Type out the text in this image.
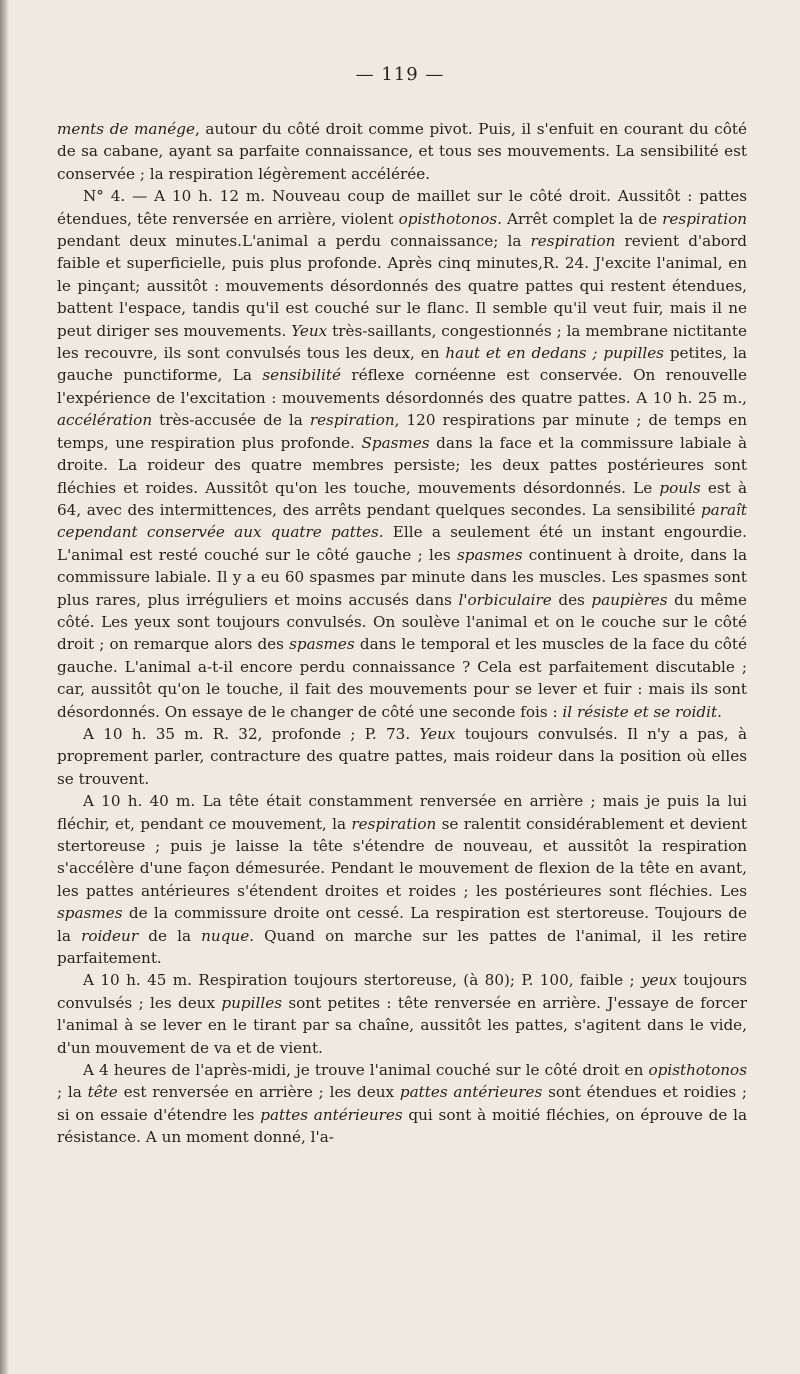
— 119 —

ments de manége, autour du côté droit comme pivot. Puis, il s'enfuit en courant du côté de sa cabane, ayant sa parfaite connaissance, et tous ses mouvements. La sensibilité est conservée ; la respiration légèrement accélérée.

N° 4. — A 10 h. 12 m. Nouveau coup de maillet sur le côté droit. Aussitôt : pattes étendues, tête renversée en arrière, violent opisthotonos. Arrêt complet la de respiration pendant deux minutes.L'animal a perdu connaissance; la respiration revient d'abord faible et superficielle, puis plus profonde. Après cinq minutes,R. 24. J'excite l'animal, en le pinçant; aussitôt : mouvements désordonnés des quatre pattes qui restent étendues, battent l'espace, tandis qu'il est couché sur le flanc. Il semble qu'il veut fuir, mais il ne peut diriger ses mouvements. Yeux très-saillants, congestionnés ; la membrane nictitante les recouvre, ils sont convulsés tous les deux, en haut et en dedans ; pupilles petites, la gauche punctiforme, La sensibilité réflexe cornéenne est conservée. On renouvelle l'expérience de l'excitation : mouvements désordonnés des quatre pattes. A 10 h. 25 m., accélération très-accusée de la respiration, 120 respirations par minute ; de temps en temps, une respiration plus profonde. Spasmes dans la face et la commissure labiale à droite. La roideur des quatre membres persiste; les deux pattes postérieures sont fléchies et roides. Aussitôt qu'on les touche, mouvements désordonnés. Le pouls est à 64, avec des intermittences, des arrêts pendant quelques secondes. La sensibilité paraît cependant conservée aux quatre pattes. Elle a seulement été un instant engourdie. L'animal est resté couché sur le côté gauche ; les spasmes continuent à droite, dans la commissure labiale. Il y a eu 60 spasmes par minute dans les muscles. Les spasmes sont plus rares, plus irréguliers et moins accusés dans l'orbiculaire des paupières du même côté. Les yeux sont toujours convulsés. On soulève l'animal et on le couche sur le côté droit ; on remarque alors des spasmes dans le temporal et les muscles de la face du côté gauche. L'animal a-t-il encore perdu connaissance ? Cela est parfaitement discutable ; car, aussitôt qu'on le touche, il fait des mouvements pour se lever et fuir : mais ils sont désordonnés. On essaye de le changer de côté une seconde fois : il résiste et se roidit.

A 10 h. 35 m. R. 32, profonde ; P. 73. Yeux toujours convulsés. Il n'y a pas, à proprement parler, contracture des quatre pattes, mais roideur dans la position où elles se trouvent.

A 10 h. 40 m. La tête était constamment renversée en arrière ; mais je puis la lui fléchir, et, pendant ce mouvement, la respiration se ralentit considérablement et devient stertoreuse ; puis je laisse la tête s'étendre de nouveau, et aussitôt la respiration s'accélère d'une façon démesurée. Pendant le mouvement de flexion de la tête en avant, les pattes antérieures s'étendent droites et roides ; les postérieures sont fléchies. Les spasmes de la commissure droite ont cessé. La respiration est stertoreuse. Toujours de la roideur de la nuque. Quand on marche sur les pattes de l'animal, il les retire parfaitement.

A 10 h. 45 m. Respiration toujours stertoreuse, (à 80); P. 100, faible ; yeux toujours convulsés ; les deux pupilles sont petites : tête renversée en arrière. J'essaye de forcer l'animal à se lever en le tirant par sa chaîne, aussitôt les pattes, s'agitent dans le vide, d'un mouvement de va et de vient.

A 4 heures de l'après-midi, je trouve l'animal couché sur le côté droit en opisthotonos ; la tête est renversée en arrière ; les deux pattes antérieures sont étendues et roidies ; si on essaie d'étendre les pattes antérieures qui sont à moitié fléchies, on éprouve de la résistance. A un moment donné, l'a-
